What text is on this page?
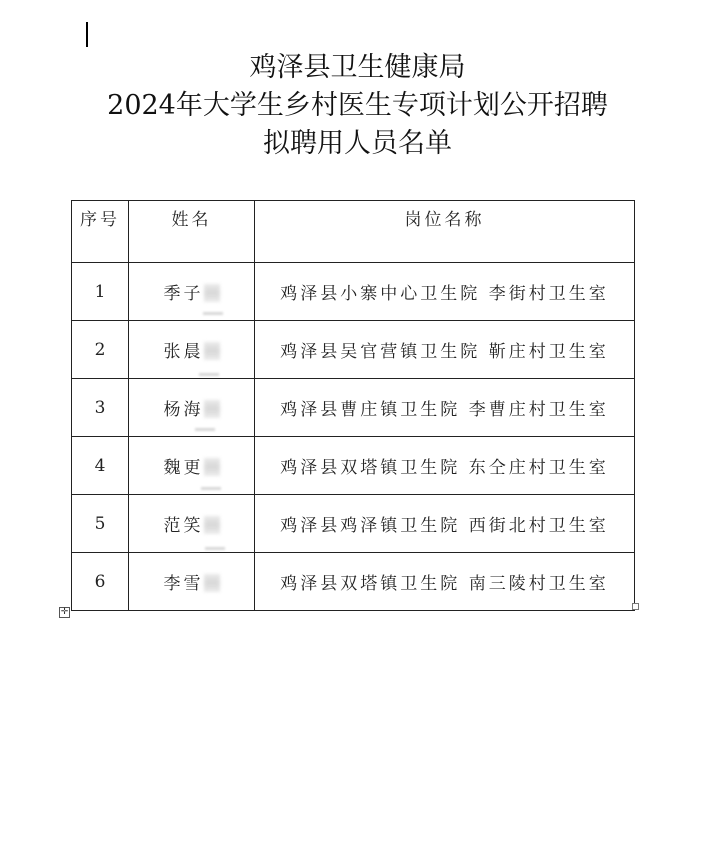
鸡泽县卫生健康局
2024年大学生乡村医生专项计划公开招聘
拟聘用人员名单
序号	姓名	岗位名称
1	季子	鸡泽县小寨中心卫生院 李街村卫生室
2	张晨	鸡泽县吴官营镇卫生院 靳庄村卫生室
3	杨海	鸡泽县曹庄镇卫生院 李曹庄村卫生室
4	魏更	鸡泽县双塔镇卫生院 东仝庄村卫生室
5	范笑	鸡泽县鸡泽镇卫生院 西街北村卫生室
6	李雪	鸡泽县双塔镇卫生院 南三陵村卫生室
✛
